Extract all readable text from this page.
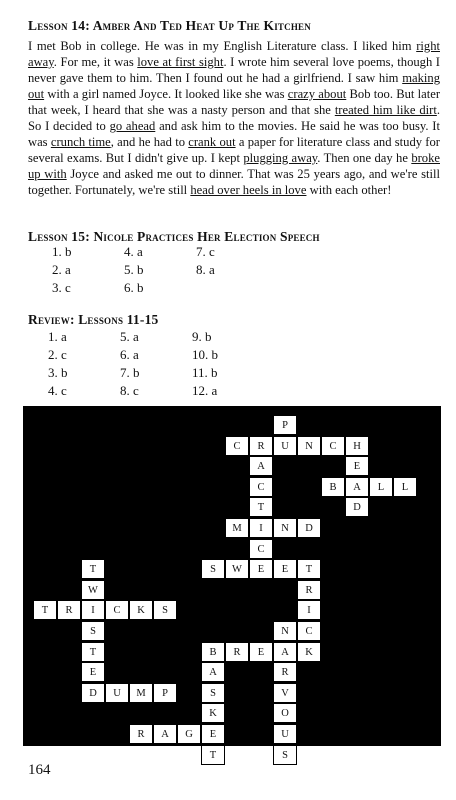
Lesson 14: Amber And Ted Heat Up The Kitchen

I met Bob in college. He was in my English Literature class. I liked him right away. For me, it was love at first sight. I wrote him several love poems, though I never gave them to him. Then I found out he had a girlfriend. I saw him making out with a girl named Joyce. It looked like she was crazy about Bob too. But later that week, I heard that she was a nasty person and that she treated him like dirt. So I decided to go ahead and ask him to the movies. He said he was too busy. It was crunch time, and he had to crank out a paper for literature class and study for several exams. But I didn't give up. I kept plugging away. Then one day he broke up with Joyce and asked me out to dinner. That was 25 years ago, and we're still together. Fortunately, we're still head over heels in love with each other!

Lesson 15: Nicole Practices Her Election Speech
1. b
2. a
3. c
4. a
5. b
6. b
7. c
8. a
Review: Lessons 11-15
1. a
2. c
3. b
4. c
5. a
6. a
7. b
8. c
9. b
10. b
11. b
12. a
P
C	R	U	N	C	H
A	E
C	B	A	L	L
T	D
M	I	N	D
C
T	S	W	E	E	T
W	R
T	R	I	C	K	S	I
S	N	C
T	B	R	E	A	K
E	A	R
D	U	M	P	S	V
K	O
R	A	G	E	U
T	S
164
